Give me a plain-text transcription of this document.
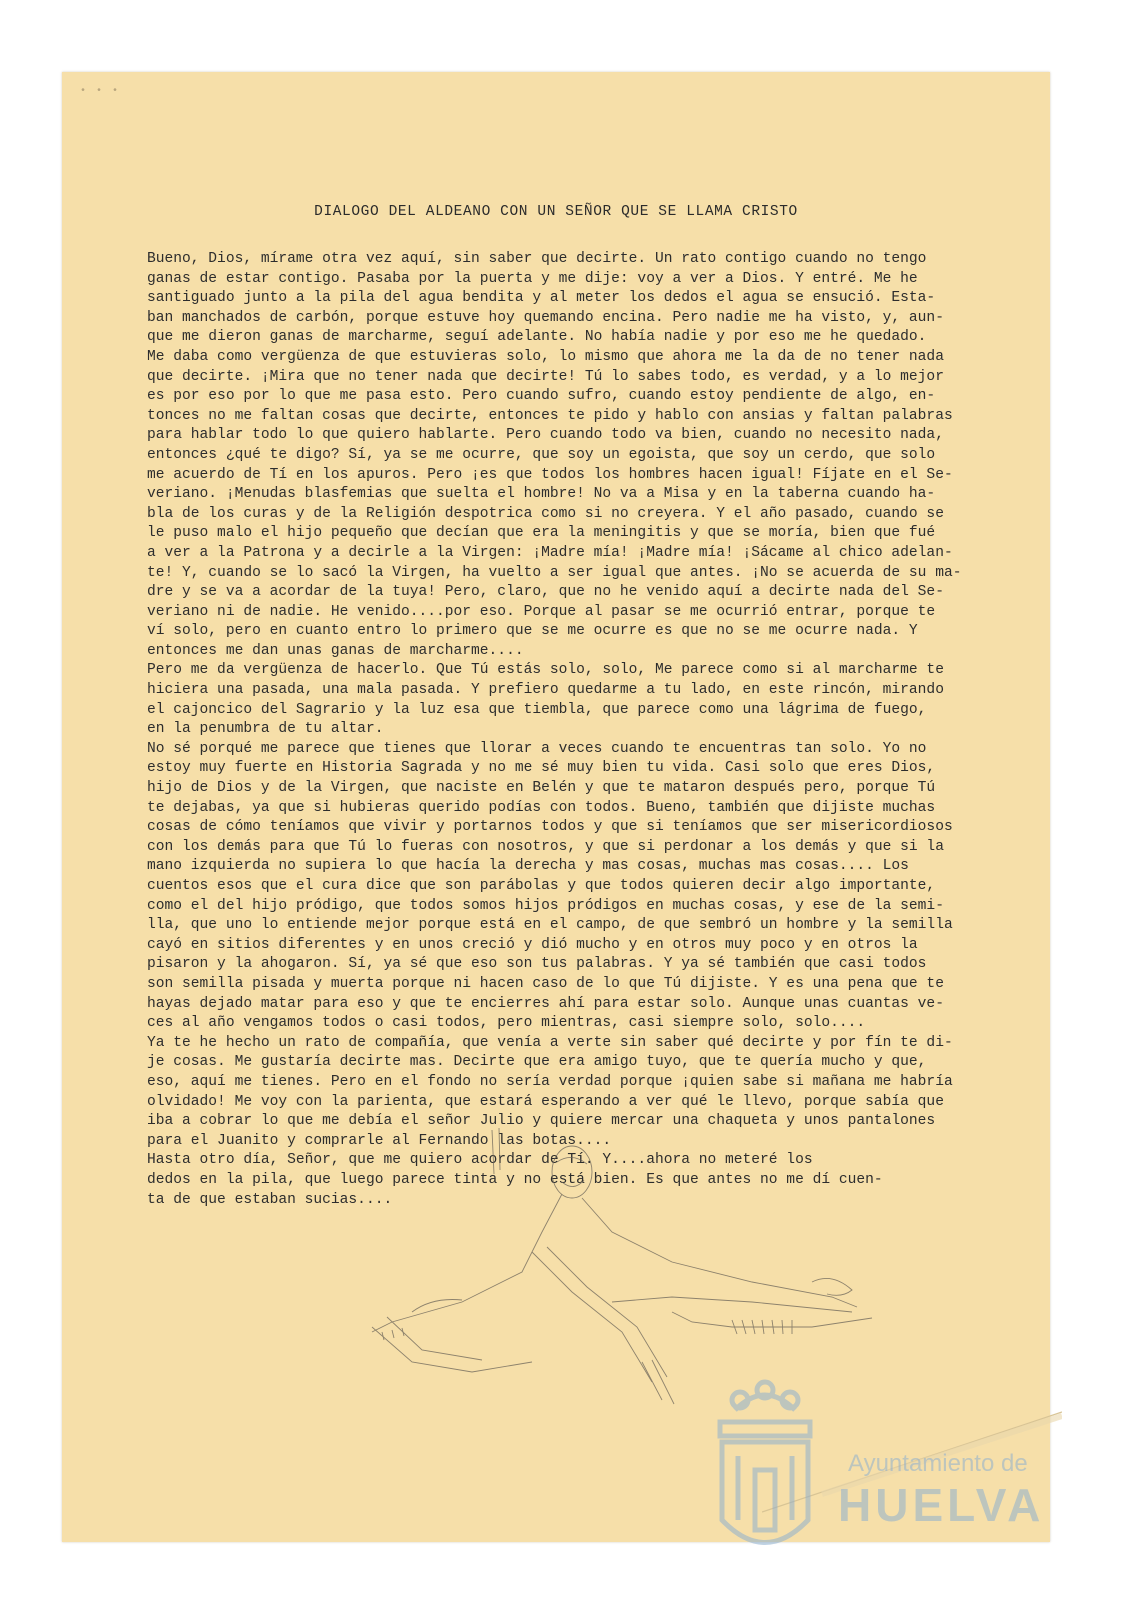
• • •
DIALOGO DEL ALDEANO CON UN SEÑOR QUE SE LLAMA CRISTO
Bueno, Dios, mírame otra vez aquí, sin saber que decirte. Un rato contigo cuando no tengo
ganas de estar contigo. Pasaba por la puerta y me dije: voy a ver a Dios. Y entré. Me he
santiguado junto a la pila del agua bendita y al meter los dedos el agua se ensució. Esta-
ban manchados de carbón, porque estuve hoy quemando encina. Pero nadie me ha visto, y, aun-
que me dieron ganas de marcharme, seguí adelante. No había nadie y por eso me he quedado.
Me daba como vergüenza de que estuvieras solo, lo mismo que ahora me la da de no tener nada
que decirte. ¡Mira que no tener nada que decirte! Tú lo sabes todo, es verdad, y a lo mejor
es por eso por lo que me pasa esto. Pero cuando sufro, cuando estoy pendiente de algo, en-
tonces no me faltan cosas que decirte, entonces te pido y hablo con ansias y faltan palabras
para hablar todo lo que quiero hablarte. Pero cuando todo va bien, cuando no necesito nada,
entonces ¿qué te digo? Sí, ya se me ocurre, que soy un egoista, que soy un cerdo, que solo
me acuerdo de Tí en los apuros. Pero ¡es que todos los hombres hacen igual! Fíjate en el Se-
veriano. ¡Menudas blasfemias que suelta el hombre! No va a Misa y en la taberna cuando ha-
bla de los curas y de la Religión despotrica como si no creyera. Y el año pasado, cuando se
le puso malo el hijo pequeño que decían que era la meningitis y que se moría, bien que fué
a ver a la Patrona y a decirle a la Virgen: ¡Madre mía! ¡Madre mía! ¡Sácame al chico adelan-
te! Y, cuando se lo sacó la Virgen, ha vuelto a ser igual que antes. ¡No se acuerda de su ma-
dre y se va a acordar de la tuya! Pero, claro, que no he venido aquí a decirte nada del Se-
veriano ni de nadie. He venido....por eso. Porque al pasar se me ocurrió entrar, porque te
ví solo, pero en cuanto entro lo primero que se me ocurre es que no se me ocurre nada. Y
entonces me dan unas ganas de marcharme....
Pero me da vergüenza de hacerlo. Que Tú estás solo, solo, Me parece como si al marcharme te
hiciera una pasada, una mala pasada. Y prefiero quedarme a tu lado, en este rincón, mirando
el cajoncico del Sagrario y la luz esa que tiembla, que parece como una lágrima de fuego,
en la penumbra de tu altar.
No sé porqué me parece que tienes que llorar a veces cuando te encuentras tan solo. Yo no
estoy muy fuerte en Historia Sagrada y no me sé muy bien tu vida. Casi solo que eres Dios,
hijo de Dios y de la Virgen, que naciste en Belén y que te mataron después pero, porque Tú
te dejabas, ya que si hubieras querido podías con todos. Bueno, también que dijiste muchas
cosas de cómo teníamos que vivir y portarnos todos y que si teníamos que ser misericordiosos
con los demás para que Tú lo fueras con nosotros, y que si perdonar a los demás y que si la
mano izquierda no supiera lo que hacía la derecha y mas cosas, muchas mas cosas.... Los
cuentos esos que el cura dice que son parábolas y que todos quieren decir algo importante,
como el del hijo pródigo, que todos somos hijos pródigos en muchas cosas, y ese de la semi-
lla, que uno lo entiende mejor porque está en el campo, de que sembró un hombre y la semilla
cayó en sitios diferentes y en unos creció y dió mucho y en otros muy poco y en otros la
pisaron y la ahogaron. Sí, ya sé que eso son tus palabras. Y ya sé también que casi todos
son semilla pisada y muerta porque ni hacen caso de lo que Tú dijiste. Y es una pena que te
hayas dejado matar para eso y que te encierres ahí para estar solo. Aunque unas cuantas ve-
ces al año vengamos todos o casi todos, pero mientras, casi siempre solo, solo....
Ya te he hecho un rato de compañía, que venía a verte sin saber qué decirte y por fín te di-
je cosas. Me gustaría decirte mas. Decirte que era amigo tuyo, que te quería mucho y que,
eso, aquí me tienes. Pero en el fondo no sería verdad porque ¡quien sabe si mañana me habría
olvidado! Me voy con la parienta, que estará esperando a ver qué le llevo, porque sabía que
iba a cobrar lo que me debía el señor Julio y quiere mercar una chaqueta y unos pantalones
para el Juanito y comprarle al Fernando las botas....
Hasta otro día, Señor, que me quiero acordar de Tí. Y....ahora no meteré los
dedos en la pila, que luego parece tinta y no está bien. Es que antes no me dí cuen-
ta de que estaban sucias....
Ayuntamiento de
HUELVA
